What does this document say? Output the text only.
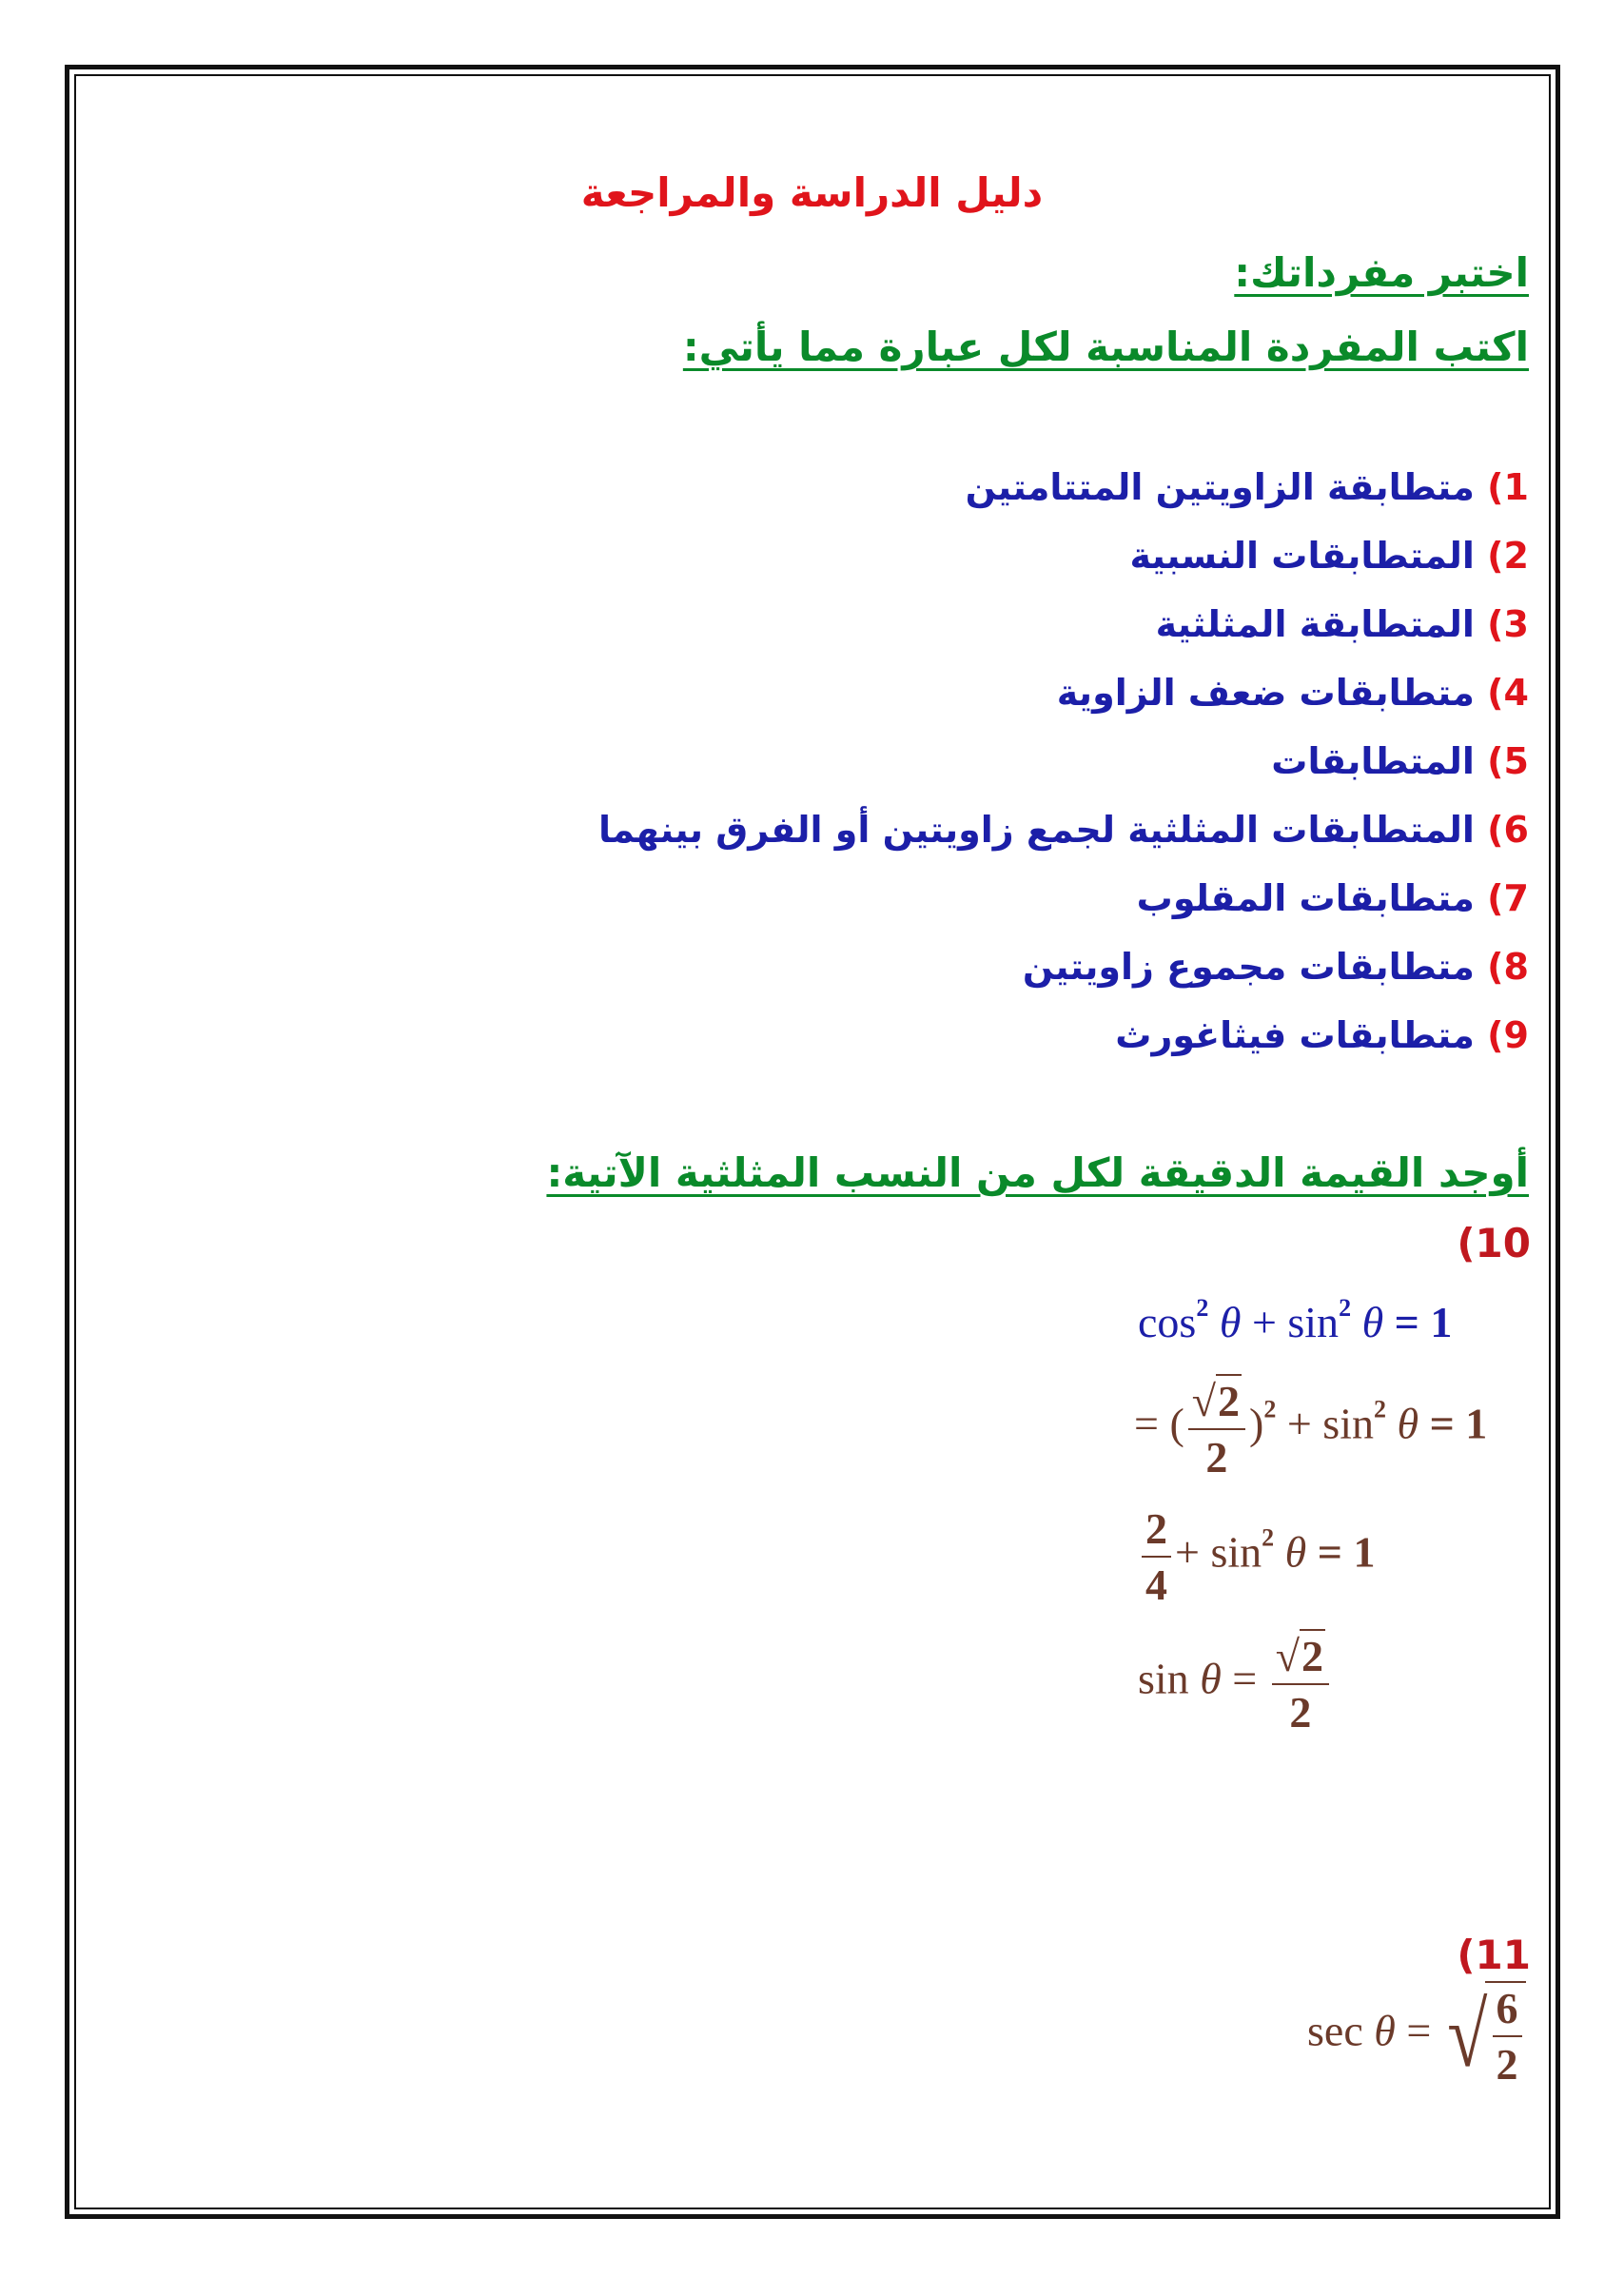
دليل الدراسة والمراجعة
اختبر مفرداتك:
اكتب المفردة المناسبة لكل عبارة مما يأتي:
1) متطابقة الزاويتين المتتامتين
2) المتطابقات النسبية
3) المتطابقة المثلثية
4) متطابقات ضعف الزاوية
5) المتطابقات
6) المتطابقات المثلثية لجمع زاويتين أو الفرق بينهما
7) متطابقات المقلوب
8) متطابقات مجموع زاويتين
9) متطابقات فيثاغورث
أوجد القيمة الدقيقة لكل من النسب المثلثية الآتية:
(10
$\cos^2 \theta + \sin^2 \theta = 1$
= ( $\frac{√2}{2} )^2 + \sin^2 \theta = 1$
$\frac{2}{4} + \sin^2 \theta = 1$
$\sin \theta = \frac{√2}{2}$
(11
sec θ = √ $\frac{6}{2}$
